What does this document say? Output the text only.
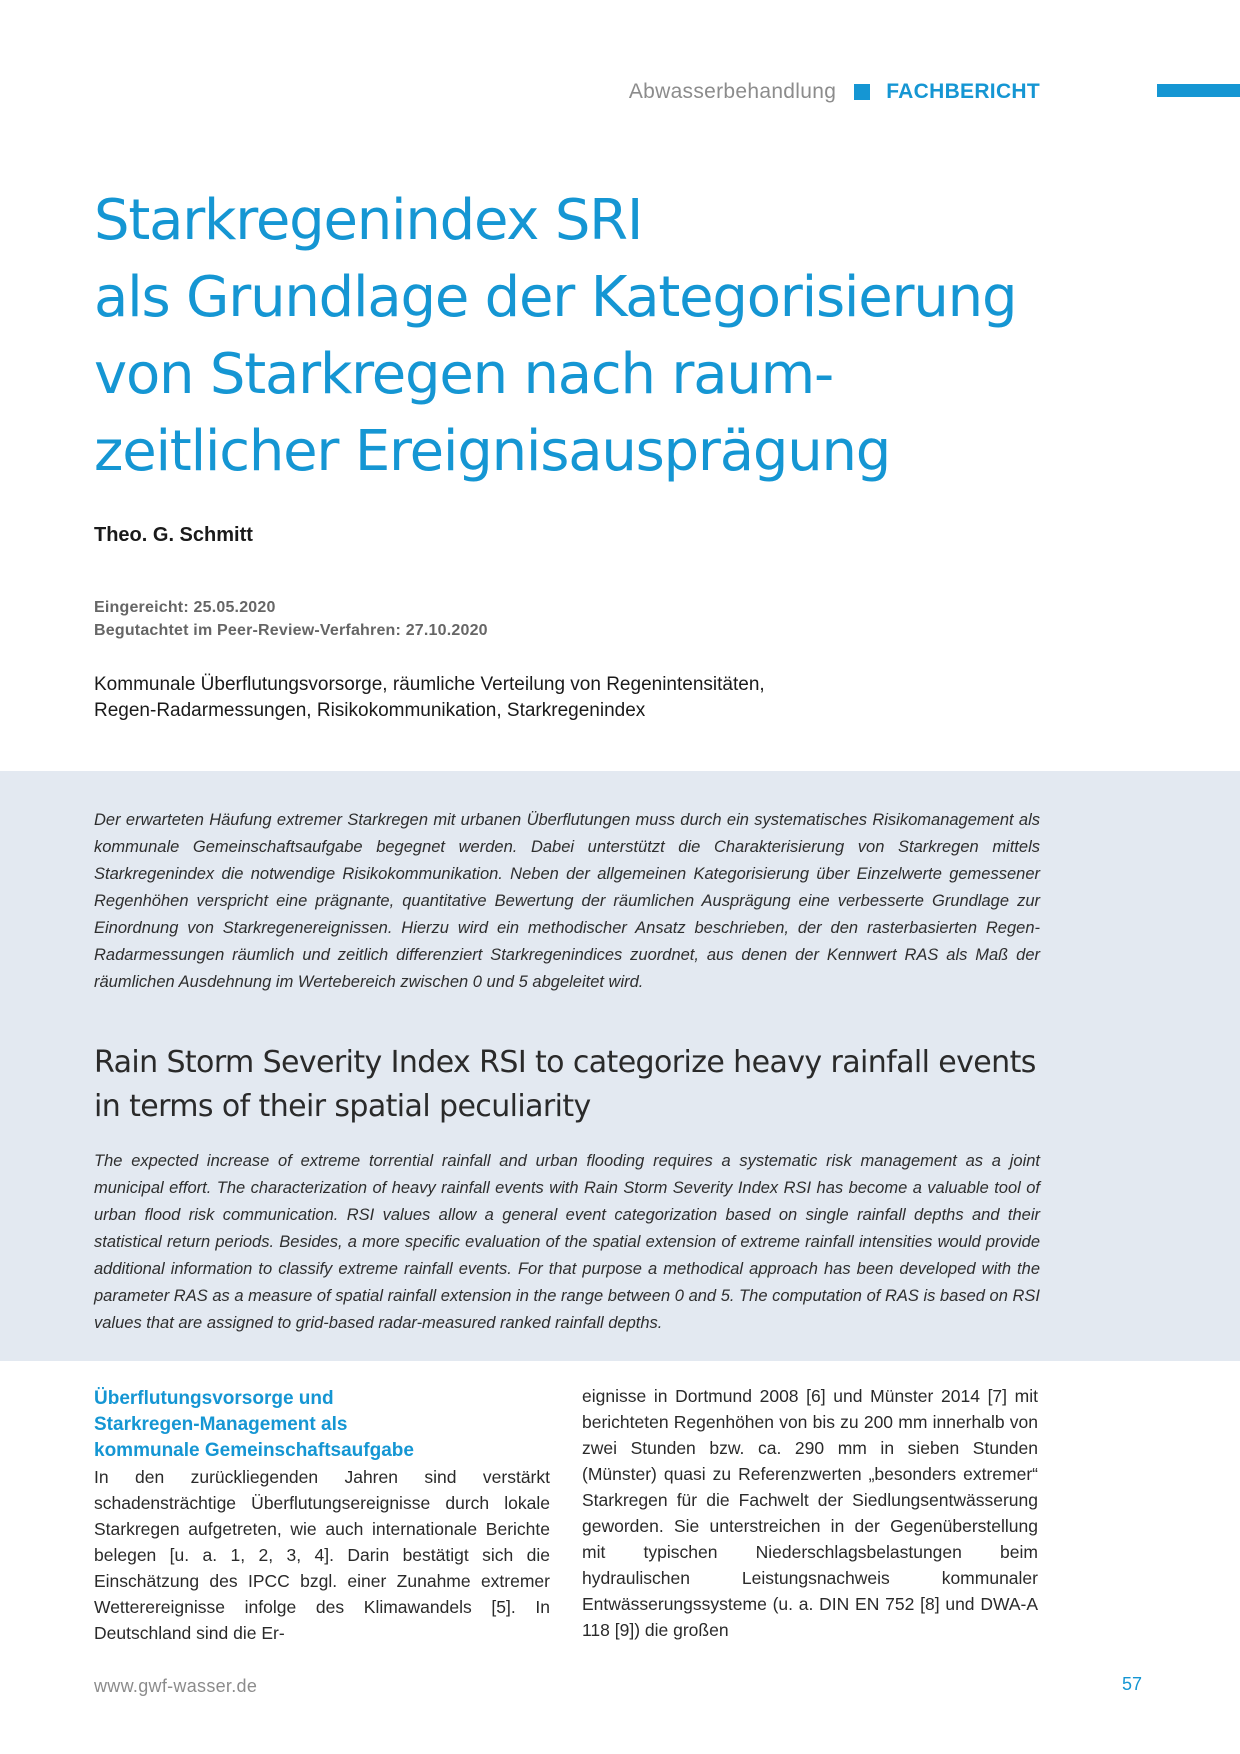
Abwasserbehandlung FACHBERICHT
Starkregenindex SRI
als Grundlage der Kategorisierung
von Starkregen nach raum-
zeitlicher Ereignisausprägung
Theo. G. Schmitt
Eingereicht: 25.05.2020
Begutachtet im Peer-Review-Verfahren: 27.10.2020
Kommunale Überflutungsvorsorge, räumliche Verteilung von Regenintensitäten,
Regen-Radarmessungen, Risikokommunikation, Starkregenindex

Der erwarteten Häufung extremer Starkregen mit urbanen Überflutungen muss durch ein systematisches Risikomanagement als kommunale Gemeinschaftsaufgabe begegnet werden. Dabei unterstützt die Charakterisierung von Starkregen mittels Starkregenindex die notwendige Risikokommunikation. Neben der allgemeinen Kategorisierung über Einzelwerte gemessener Regenhöhen verspricht eine prägnante, quantitative Bewertung der räumlichen Ausprägung eine verbesserte Grundlage zur Einordnung von Starkregenereignissen. Hierzu wird ein methodischer Ansatz beschrieben, der den rasterbasierten Regen-Radarmessungen räumlich und zeitlich differenziert Starkregenindices zuordnet, aus denen der Kennwert RAS als Maß der räumlichen Ausdehnung im Wertebereich zwischen 0 und 5 abgeleitet wird.

Rain Storm Severity Index RSI to categorize heavy rainfall events
in terms of their spatial peculiarity

The expected increase of extreme torrential rainfall and urban flooding requires a systematic risk management as a joint municipal effort. The characterization of heavy rainfall events with Rain Storm Severity Index RSI has become a valuable tool of urban flood risk communication. RSI values allow a general event categorization based on single rainfall depths and their statistical return periods. Besides, a more specific evaluation of the spatial extension of extreme rainfall intensities would provide additional information to classify extreme rainfall events. For that purpose a methodical approach has been developed with the parameter RAS as a measure of spatial rainfall extension in the range between 0 and 5. The computation of RAS is based on RSI values that are assigned to grid-based radar-measured ranked rainfall depths.

Überflutungsvorsorge und
Starkregen-Management als
kommunale Gemeinschaftsaufgabe

In den zurückliegenden Jahren sind verstärkt schadensträchtige Überflutungsereignisse durch lokale Starkregen aufgetreten, wie auch internationale Berichte belegen [u. a. 1, 2, 3, 4]. Darin bestätigt sich die Einschätzung des IPCC bzgl. einer Zunahme extremer Wetterereignisse infolge des Klimawandels [5]. In Deutschland sind die Er-

eignisse in Dortmund 2008 [6] und Münster 2014 [7] mit berichteten Regenhöhen von bis zu 200 mm innerhalb von zwei Stunden bzw. ca. 290 mm in sieben Stunden (Münster) quasi zu Referenzwerten „besonders extremer“ Starkregen für die Fachwelt der Siedlungsentwässerung geworden. Sie unterstreichen in der Gegenüberstellung mit typischen Niederschlagsbelastungen beim hydraulischen Leistungsnachweis kommunaler Entwässerungssysteme (u. a. DIN EN 752 [8] und DWA-A 118 [9]) die großen

www.gwf-wasser.de	57
